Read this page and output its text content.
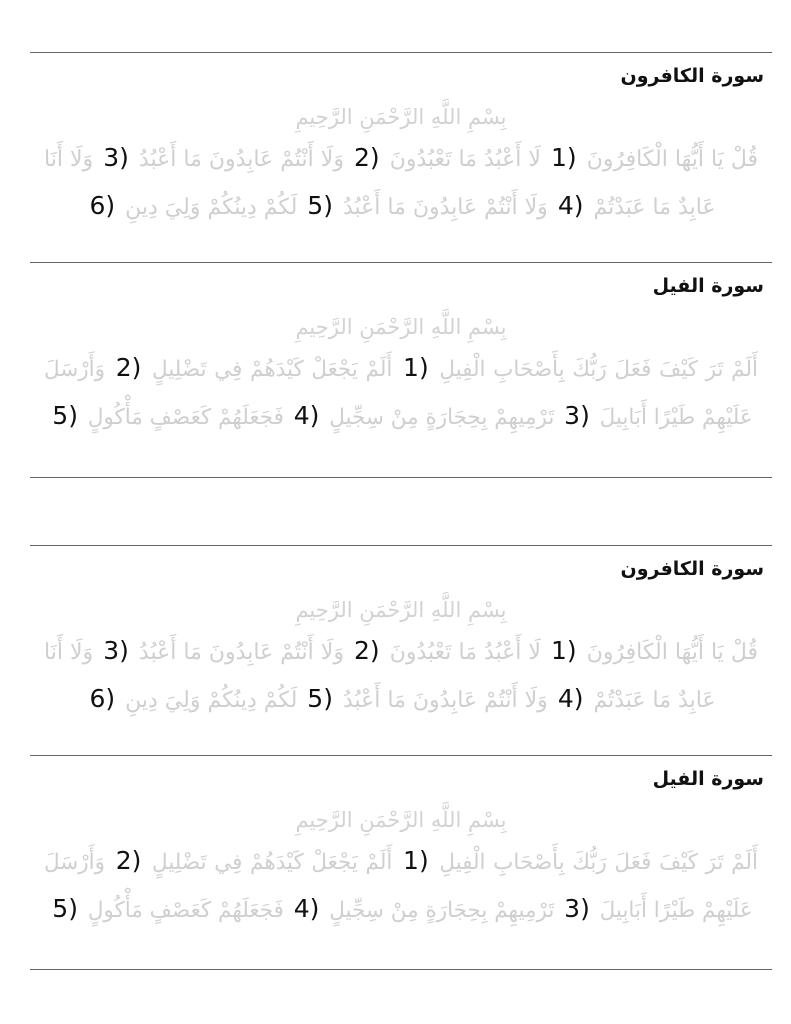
سورة الكافرون
بِسْمِ اللَّهِ الرَّحْمَنِ الرَّحِيمِ
قُلْ يَا أَيُّهَا الْكَافِرُونَ (1 لَا أَعْبُدُ مَا تَعْبُدُونَ (2 وَلَا أَنْتُمْ عَابِدُونَ مَا أَعْبُدُ (3 وَلَا أَنَا
عَابِدٌ مَا عَبَدْتُمْ (4 وَلَا أَنْتُمْ عَابِدُونَ مَا أَعْبُدُ (5 لَكُمْ دِينُكُمْ وَلِيَ دِينِ (6
سورة الفيل
بِسْمِ اللَّهِ الرَّحْمَنِ الرَّحِيمِ
أَلَمْ تَرَ كَيْفَ فَعَلَ رَبُّكَ بِأَصْحَابِ الْفِيلِ (1 أَلَمْ يَجْعَلْ كَيْدَهُمْ فِي تَضْلِيلٍ (2 وَأَرْسَلَ
عَلَيْهِمْ طَيْرًا أَبَابِيلَ (3 تَرْمِيهِمْ بِحِجَارَةٍ مِنْ سِجِّيلٍ (4 فَجَعَلَهُمْ كَعَصْفٍ مَأْكُولٍ (5
سورة الكافرون
بِسْمِ اللَّهِ الرَّحْمَنِ الرَّحِيمِ
قُلْ يَا أَيُّهَا الْكَافِرُونَ (1 لَا أَعْبُدُ مَا تَعْبُدُونَ (2 وَلَا أَنْتُمْ عَابِدُونَ مَا أَعْبُدُ (3 وَلَا أَنَا
عَابِدٌ مَا عَبَدْتُمْ (4 وَلَا أَنْتُمْ عَابِدُونَ مَا أَعْبُدُ (5 لَكُمْ دِينُكُمْ وَلِيَ دِينِ (6
سورة الفيل
بِسْمِ اللَّهِ الرَّحْمَنِ الرَّحِيمِ
أَلَمْ تَرَ كَيْفَ فَعَلَ رَبُّكَ بِأَصْحَابِ الْفِيلِ (1 أَلَمْ يَجْعَلْ كَيْدَهُمْ فِي تَضْلِيلٍ (2 وَأَرْسَلَ
عَلَيْهِمْ طَيْرًا أَبَابِيلَ (3 تَرْمِيهِمْ بِحِجَارَةٍ مِنْ سِجِّيلٍ (4 فَجَعَلَهُمْ كَعَصْفٍ مَأْكُولٍ (5
